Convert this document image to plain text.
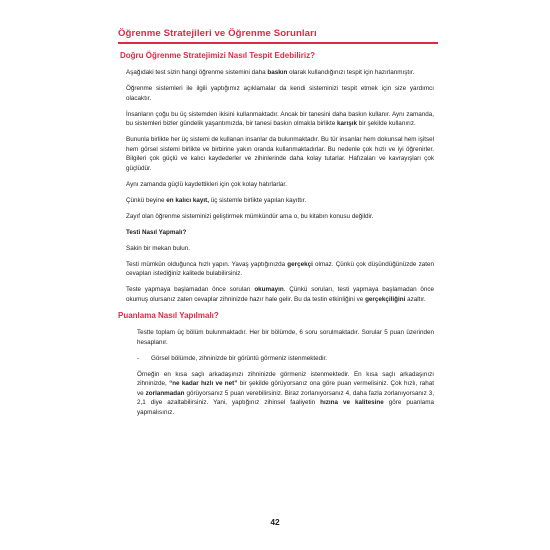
Öğrenme Stratejileri ve Öğrenme Sorunları
Doğru Öğrenme Stratejimizi Nasıl Tespit Edebiliriz?
Aşağıdaki test sizin hangi öğrenme sistemini daha baskın olarak kullandığınızı tespit için hazırlanmıştır.
Öğrenme sistemleri ile ilgili yaptığımız açıklamalar da kendi sisteminizi tespit etmek için size yardımcı olacaktır.
İnsanların çoğu bu üç sistemden ikisini kullanmaktadır. Ancak bir tanesini daha baskın kullanır. Aynı zamanda, bu sistemleri bizler gündelik yaşantımızda, bir tanesi baskın olmakla birlikte karışık bir şekilde kullanırız.
Bununla birlikte her üç sistemi de kullanan insanlar da bulunmaktadır. Bu tür insanlar hem dokunsal hem işitsel hem görsel sistemi birlikte ve birbirine yakın oranda kullanmaktadırlar. Bu nedenle çok hızlı ve iyi öğrenirler. Bilgileri çok güçlü ve kalıcı kaydederler ve zihinlerinde daha kolay tutarlar. Hafızaları ve kavrayışları çok güçlüdür.
Aynı zamanda güçlü kaydettikleri için çok kolay hatırlarlar.
Çünkü beyine en kalıcı kayıt, üç sistemle birlikte yapılan kayıttır.
Zayıf olan öğrenme sisteminizi geliştirmek mümkündür ama o, bu kitabın konusu değildir.
Testi Nasıl Yapmalı?
Sakin bir mekan bulun.
Testi mümkün olduğunca hızlı yapın. Yavaş yaptığınızda gerçekçi olmaz. Çünkü çok düşündüğünüzde zaten cevapları istediğiniz kalitede bulabilirsiniz.
Teste yapmaya başlamadan önce soruları okumayın. Çünkü soruları, testi yapmaya başlamadan önce okumuş olursanız zaten cevaplar zihninizde hazır hale gelir. Bu da testin etkinliğini ve gerçekçiliğini azaltır.
Puanlama Nasıl Yapılmalı?
Testte toplam üç bölüm bulunmaktadır. Her bir bölümde, 6 soru sorulmaktadır. Sorular 5 puan üzerinden hesaplanır.
-	Görsel bölümde, zihninizde bir görüntü görmeniz istenmektedir.
Örneğin en kısa saçlı arkadaşınızı zihninizde görmeniz istenmektedir. En kısa saçlı arkadaşınızı zihninizde, “ne kadar hızlı ve net” bir şekilde görüyorsanız ona göre puan vermelisiniz. Çok hızlı, rahat ve zorlanmadan görüyorsanız 5 puan verebilirsiniz. Biraz zorlanıyorsanız 4, daha fazla zorlanıyorsanız 3, 2,1 diye azaltabilirsiniz. Yani, yaptığınız zihinsel faaliyetin hızına ve kalitesine göre puanlama yapmalısınız.
42
